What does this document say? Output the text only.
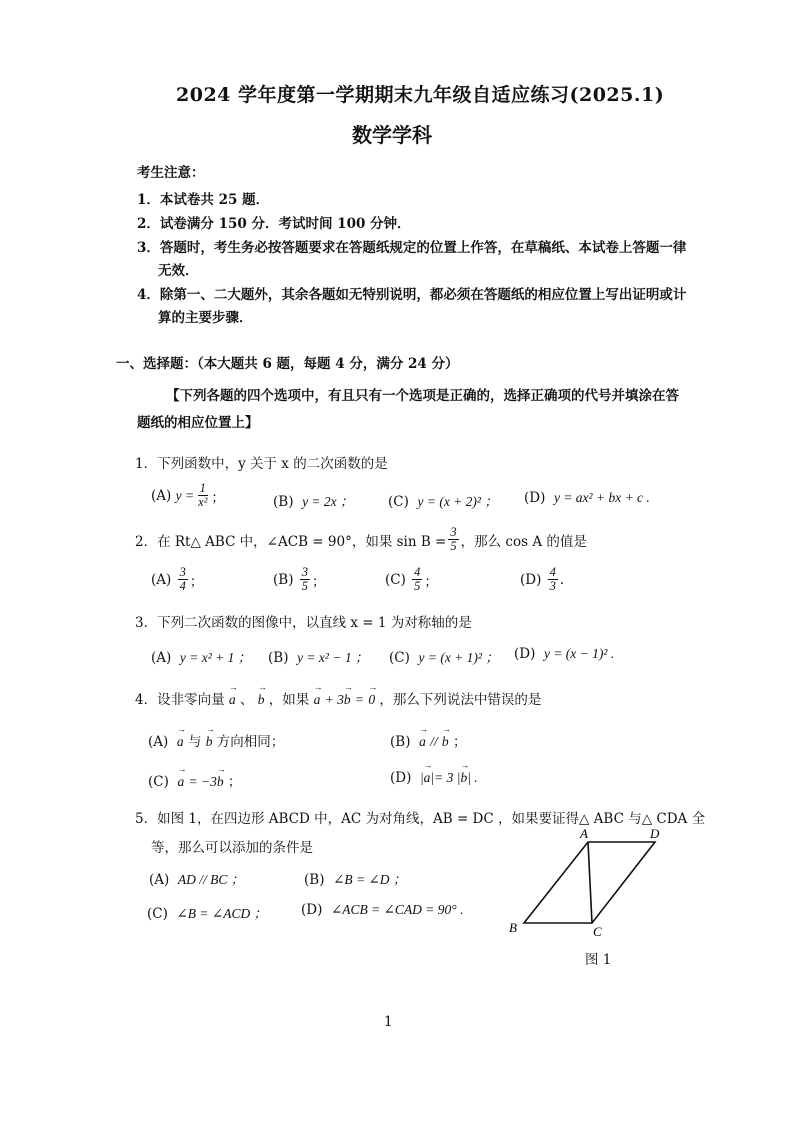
2024 学年度第一学期期末九年级自适应练习(2025.1)
数学学科
考生注意：
1．本试卷共 25 题．
2．试卷满分 150 分．考试时间 100 分钟．
3．答题时，考生务必按答题要求在答题纸规定的位置上作答，在草稿纸、本试卷上答题一律
无效．
4．除第一、二大题外，其余各题如无特别说明，都必须在答题纸的相应位置上写出证明或计
算的主要步骤．
一、选择题：（本大题共 6 题，每题 4 分，满分 24 分）
【下列各题的四个选项中，有且只有一个选项是正确的，选择正确项的代号并填涂在答
题纸的相应位置上】
1．下列函数中，y 关于 x 的二次函数的是
(A)
$y = \frac{1}{\text{x²}}$ ；	(B) y = 2x ；	(C) y = (x + 2)² ； (D) y = ax² + bx + c .
2．在 Rt△ ABC 中，∠ACB = 90°，如果 $\sin B = \frac{3}{5}$ ，那么 cos A 的值是
(A)
$\frac{3}{4}$ ；	(B)
$\frac{3}{5}$ ；	(C)
$\frac{4}{5}$ ；	(D)
$\frac{4}{3}$ .
3．下列二次函数的图像中，以直线 x = 1 为对称轴的是
(A) y = x² + 1 ； (B) y = x² − 1 ； (C) y = (x + 1)² ； (D) y = (x − 1)² .
4．设非零向量 → a 、 → b ，如果 → a + 3→ b = → 0 ，那么下列说法中错误的是
(A) → a 与 → b 方向相同；	(B) → a // → b ；
(C) → a = −3→ b ；	(D) |→ a|= 3 |→ b| .
5．如图 1，在四边形 ABCD 中，AC 为对角线，AB = DC ，如果要证得△ ABC 与△ CDA 全
等，那么可以添加的条件是
(A) AD // BC ；	(B) ∠B = ∠D ；
(C) ∠B = ∠ACD ；	(D) ∠ACB = ∠CAD = 90° .
A	D
B	C
图 1
1
